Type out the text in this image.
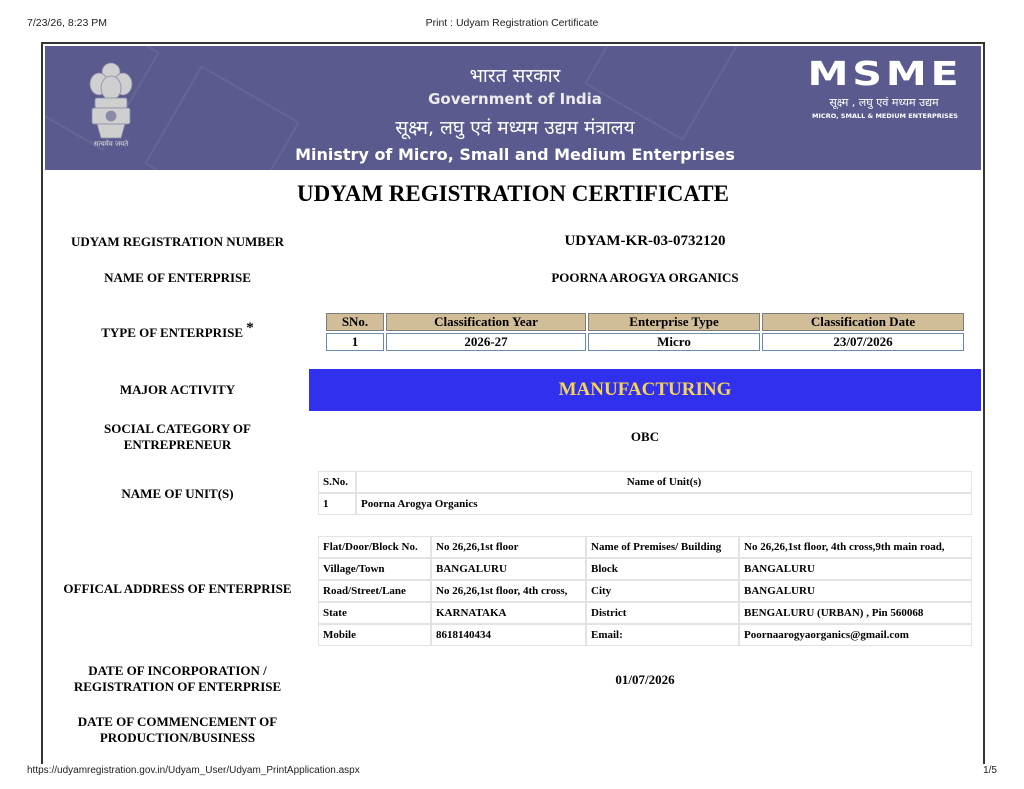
7/23/26, 8:23 PM	Print : Udyam Registration Certificate
सत्यमेव जयते
भारत सरकार
Government of India
सूक्ष्म, लघु एवं मध्यम उद्यम मंत्रालय
Ministry of Micro, Small and Medium Enterprises
MSME
सूक्ष्म , लघु एवं मध्यम उद्यम
MICRO, SMALL & MEDIUM ENTERPRISES
UDYAM REGISTRATION CERTIFICATE
UDYAM REGISTRATION NUMBER	UDYAM-KR-03-0732120
NAME OF ENTERPRISE	POORNA AROGYA ORGANICS
TYPE OF ENTERPRISE *	SNo.	Classification Year	Enterprise Type	Classification Date
1	2026-27	Micro	23/07/2026
MAJOR ACTIVITY	MANUFACTURING
SOCIAL CATEGORY OF
ENTREPRENEUR
OBC
NAME OF UNIT(S)
S.No.	Name of Unit(s)
1	Poorna Arogya Organics
OFFICAL ADDRESS OF ENTERPRISE
Flat/Door/Block No.	No 26,26,1st floor	Name of Premises/ Building	No 26,26,1st floor, 4th cross,9th main road,
Village/Town	BANGALURU	Block	BANGALURU
Road/Street/Lane	No 26,26,1st floor, 4th cross,	City	BANGALURU
State	KARNATAKA	District	BENGALURU (URBAN) , Pin 560068
Mobile	8618140434	Email:	Poornaarogyaorganics@gmail.com
DATE OF INCORPORATION /
REGISTRATION OF ENTERPRISE	01/07/2026
DATE OF COMMENCEMENT OF
PRODUCTION/BUSINESS
https://udyamregistration.gov.in/Udyam_User/Udyam_PrintApplication.aspx	1/5
